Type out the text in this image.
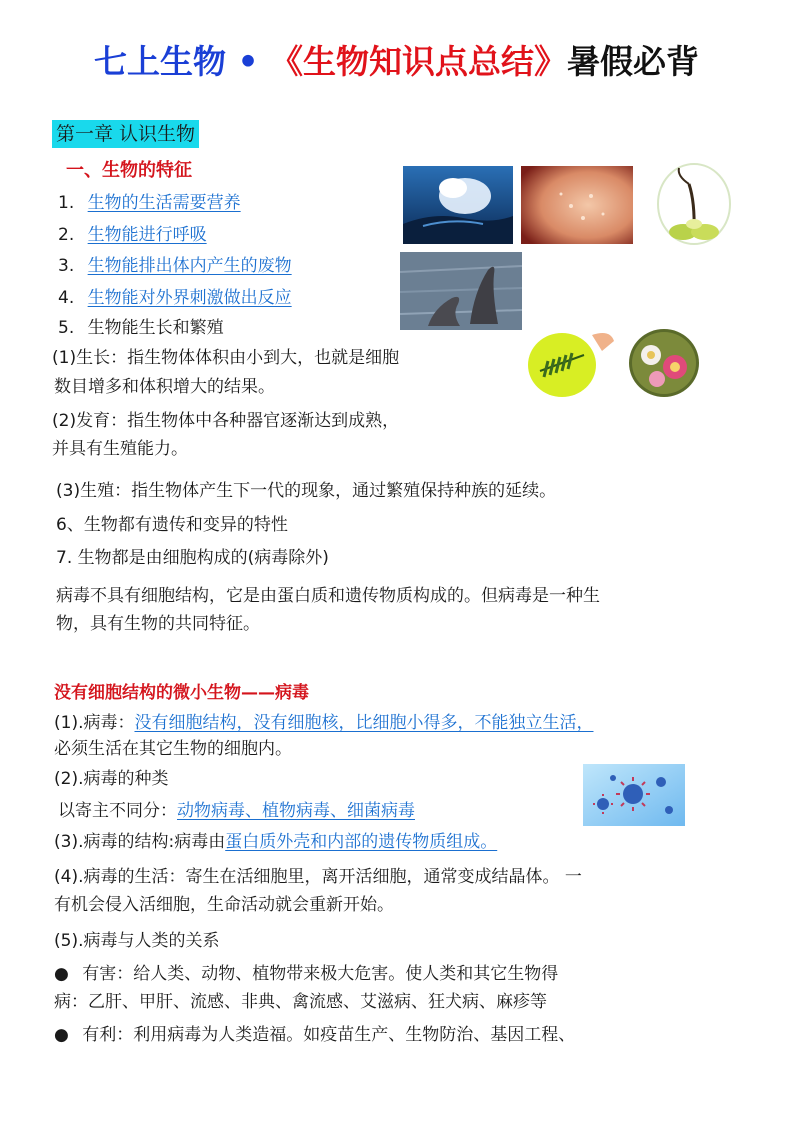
七上生物 • 《生物知识点总结》暑假必背
第一章 认识生物
一、生物的特征
1. 生物的生活需要营养
2. 生物能进行呼吸
3. 生物能排出体内产生的废物
4. 生物能对外界刺激做出反应
5. 生物能生长和繁殖
(1)生长：指生物体体积由小到大，也就是细胞
数目增多和体积增大的结果。
(2)发育：指生物体中各种器官逐渐达到成熟，
并具有生殖能力。
(3)生殖：指生物体产生下一代的现象，通过繁殖保持种族的延续。
6、生物都有遗传和变异的特性
7. 生物都是由细胞构成的(病毒除外)
病毒不具有细胞结构，它是由蛋白质和遗传物质构成的。但病毒是一种生
物，具有生物的共同特征。
没有细胞结构的微小生物——病毒
(1).病毒：没有细胞结构，没有细胞核，比细胞小得多，不能独立生活，
必须生活在其它生物的细胞内。
(2).病毒的种类
以寄主不同分：动物病毒、植物病毒、细菌病毒
(3).病毒的结构:病毒由蛋白质外壳和内部的遗传物质组成。
(4).病毒的生活：寄生在活细胞里，离开活细胞，通常变成结晶体。 一
有机会侵入活细胞，生命活动就会重新开始。
(5).病毒与人类的关系
● 有害：给人类、动物、植物带来极大危害。使人类和其它生物得
病：乙肝、甲肝、流感、非典、禽流感、艾滋病、狂犬病、麻疹等
● 有利：利用病毒为人类造福。如疫苗生产、生物防治、基因工程、
